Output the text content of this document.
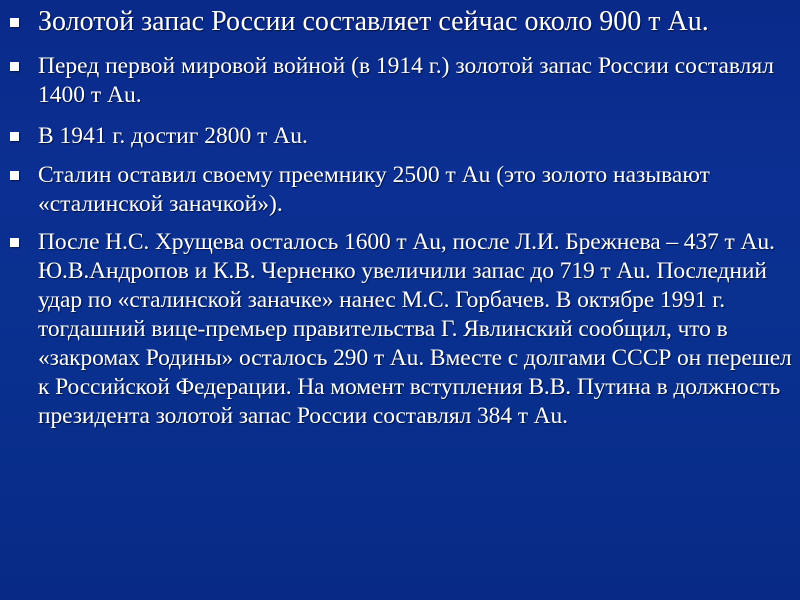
Золотой запас России составляет сейчас около 900 т Au.
Перед первой мировой войной (в 1914 г.) золотой запас России составлял 1400 т Au.
В 1941 г. достиг 2800 т Au.
Сталин оставил своему преемнику 2500 т Au (это золото называют «сталинской заначкой»).
После Н.С. Хрущева осталось 1600 т Au, после Л.И. Брежнева – 437 т Au. Ю.В.Андропов и К.В. Черненко увеличили запас до 719 т Au. Последний удар по «сталинской заначке» нанес М.С. Горбачев. В октябре 1991 г. тогдашний вице-премьер правительства Г. Явлинский сообщил, что в «закромах Родины» осталось 290 т Au. Вместе с долгами СССР он перешел к Российской Федерации. На момент вступления В.В. Путина в должность президента золотой запас России составлял 384 т Au.
